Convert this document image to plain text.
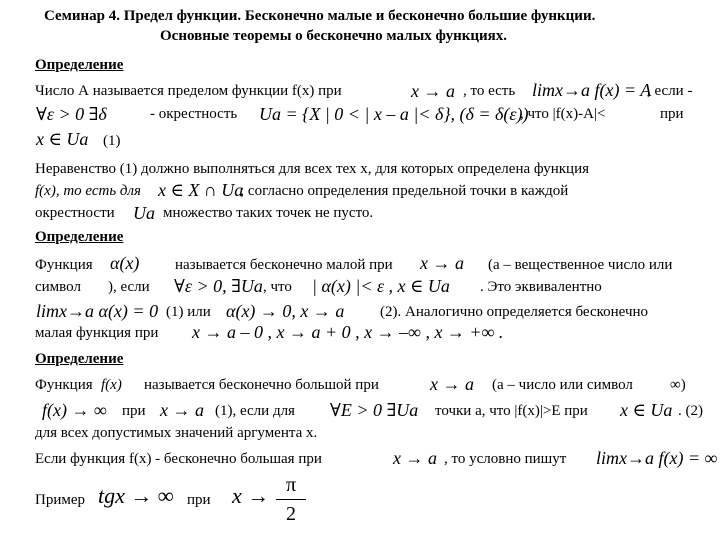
Семинар 4. Предел функции. Бесконечно малые и бесконечно большие функции.
Основные теоремы о бесконечно малых функциях.
Определение
Число А называется пределом функции f(x) при	x → a , то есть limx→a f(x) = A
, если -
∀ε > 0 ∃δ	- окрестность Ua = {X | 0 < | x – a |< δ}, (δ = δ(ε))
, что |f(x)-A|<	при
x ∈ Ua (1)
Неравенство (1) должно выполняться для всех тех x, для которых определена функция
f(x), то есть для x ∈ X ∩ Ua
; согласно определения предельной точки в каждой
окрестности Ua множество таких точек не пусто.
Определение
Функция α(x) называется бесконечно малой при x → a (a – вещественное число или
символ ), если ∀ε > 0, ∃Ua , что | α(x) |< ε , x ∈ Ua . Это эквивалентно
limx→a α(x) = 0 (1) или α(x) → 0, x → a (2). Аналогично определяется бесконечно
малая функция при x → a – 0 , x → a + 0 , x → –∞ , x → +∞ .
Определение
Функция f(x) называется бесконечно большой при	x → a (a – число или символ ∞)
f(x) → ∞ при x → a (1), если для ∀E > 0 ∃Ua точки a, что |f(x)|>E при x ∈ Ua . (2)
для всех допустимых значений аргумента x.
Если функция f(x) - бесконечно большая при	x → a , то условно пишут limx→a f(x) = ∞
Пример tgx → ∞ при x → π
2
